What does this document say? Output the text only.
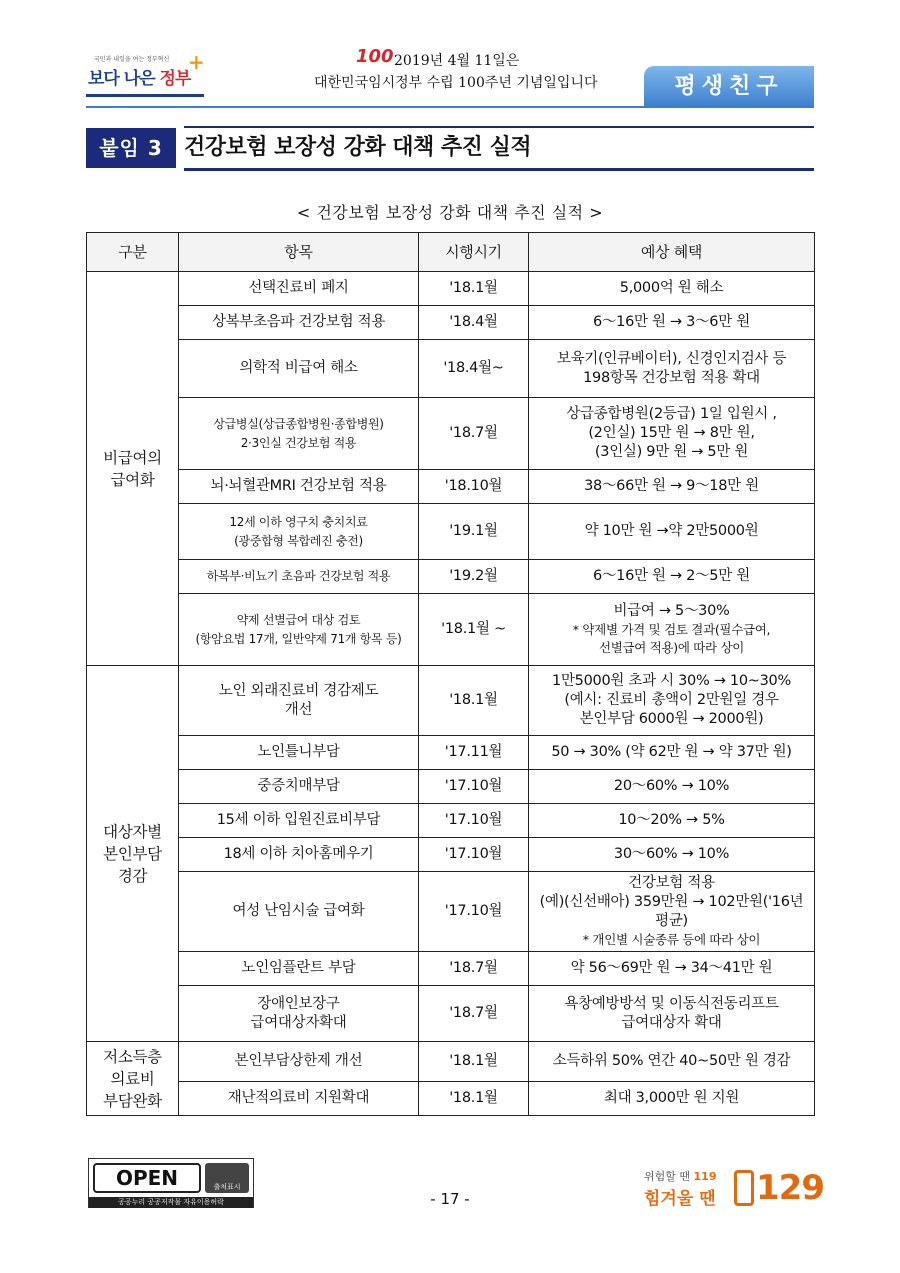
국민과 내일을 여는 정부혁신
보다 나은 정부
+	100 2019년 4월 11일은
대한민국임시정부 수립 100주년 기념일입니다	평생친구
붙임 3 건강보험 보장성 강화 대책 추진 실적
< 건강보험 보장성 강화 대책 추진 실적 >
구분	항목	시행시기	예상 혜택
비급여의
급여화	선택진료비 폐지	'18.1월	5,000억 원 해소
	상복부초음파 건강보험 적용	'18.4월	6～16만 원 → 3～6만 원
	의학적 비급여 해소	'18.4월~	보육기(인큐베이터), 신경인지검사 등
198항목 건강보험 적용 확대
	상급병실(상급종합병원·종합병원)
2·3인실 건강보험 적용	'18.7월	상급종합병원(2등급) 1일 입원시 ,
(2인실) 15만 원 → 8만 원,
(3인실) 9만 원 → 5만 원
	뇌·뇌혈관MRI 건강보험 적용	'18.10월	38～66만 원 → 9～18만 원
	12세 이하 영구치 충치치료
(광중합형 복합레진 충전)	'19.1월	약 10만 원 →약 2만5000원
	하복부·비뇨기 초음파 건강보험 적용	'19.2월	6～16만 원 → 2～5만 원
	약제 선별급여 대상 검토
(항암요법 17개, 일반약제 71개 항목 등)	'18.1월 ~	비급여 → 5～30%
* 약제별 가격 및 검토 결과(필수급여,
선별급여 적용)에 따라 상이

대상자별
본인부담
경감	노인 외래진료비 경감제도
개선	'18.1월	1만5000원 초과 시 30% → 10~30%
(예시: 진료비 총액이 2만원일 경우
본인부담 6000원 → 2000원)
	노인틀니부담	'17.11월	50 → 30% (약 62만 원 → 약 37만 원)
	중증치매부담	'17.10월	20～60% → 10%
	15세 이하 입원진료비부담	'17.10월	10～20% → 5%
	18세 이하 치아홈메우기	'17.10월	30～60% → 10%
	여성 난임시술 급여화	'17.10월	건강보험 적용
(예)(신선배아) 359만원 → 102만원('16년 평균)
* 개인별 시술종류 등에 따라 상이

	노인임플란트 부담	'18.7월	약 56～69만 원 → 34～41만 원
	장애인보장구
급여대상자확대	'18.7월	욕창예방방석 및 이동식전동리프트
급여대상자 확대
저소득층
의료비
부담완화	본인부담상한제 개선	'18.1월	소득하위 50% 연간 40~50만 원 경감
	재난적의료비 지원확대	'18.1월	최대 3,000만 원 지원
OPEN	출처표시
공공누리 공공저작물 자유이용허락	- 17 -
위험할 땐 119
힘겨울 땐 129
